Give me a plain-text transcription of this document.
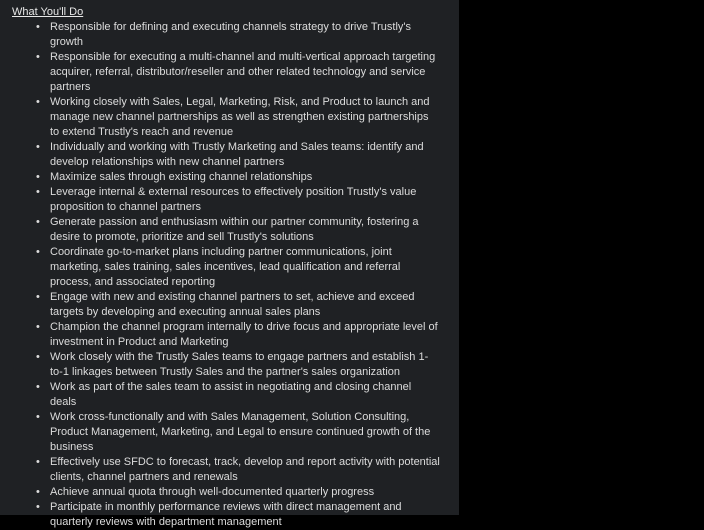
What You'll Do
• Responsible for defining and executing channels strategy to drive Trustly's growth
• Responsible for executing a multi-channel and multi-vertical approach targeting acquirer, referral, distributor/reseller and other related technology and service partners
• Working closely with Sales, Legal, Marketing, Risk, and Product to launch and manage new channel partnerships as well as strengthen existing partnerships to extend Trustly's reach and revenue
• Individually and working with Trustly Marketing and Sales teams: identify and develop relationships with new channel partners
• Maximize sales through existing channel relationships
• Leverage internal & external resources to effectively position Trustly's value proposition to channel partners
• Generate passion and enthusiasm within our partner community, fostering a desire to promote, prioritize and sell Trustly's solutions
• Coordinate go-to-market plans including partner communications, joint marketing, sales training, sales incentives, lead qualification and referral process, and associated reporting
• Engage with new and existing channel partners to set, achieve and exceed targets by developing and executing annual sales plans
• Champion the channel program internally to drive focus and appropriate level of investment in Product and Marketing
• Work closely with the Trustly Sales teams to engage partners and establish 1-to-1 linkages between Trustly Sales and the partner's sales organization
• Work as part of the sales team to assist in negotiating and closing channel deals
• Work cross-functionally and with Sales Management, Solution Consulting, Product Management, Marketing, and Legal to ensure continued growth of the business
• Effectively use SFDC to forecast, track, develop and report activity with potential clients, channel partners and renewals
• Achieve annual quota through well-documented quarterly progress
• Participate in monthly performance reviews with direct management and quarterly reviews with department management
